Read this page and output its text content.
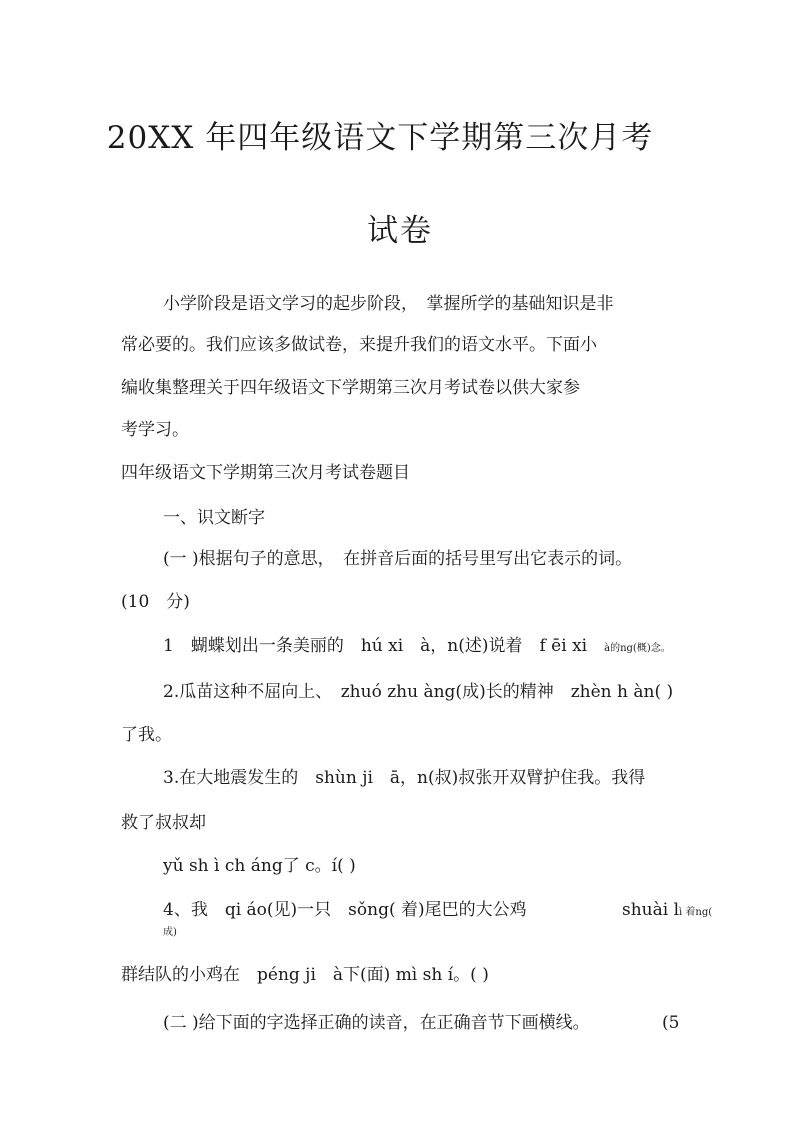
20XX 年四年级语文下学期第三次月考
试卷
小学阶段是语文学习的起步阶段，　掌握所学的基础知识是非
常必要的。我们应该多做试卷，来提升我们的语文水平。下面小
编收集整理关于四年级语文下学期第三次月考试卷以供大家参
考学习。
四年级语文下学期第三次月考试卷题目
一、识文断字
(一 )根据句子的意思，　在拼音后面的括号里写出它表示的词。
(10　分)
1　蝴蝶划出一条美丽的　hú xi　à，n(述)说着　f ēi xi　à的ng(概)念。
2.瓜苗这种不屈向上、　zhuó zhu àng(成)长的精神　zhèn h àn( )
了我。
3.在大地震发生的　shùn ji　ā，n(叔)叔张开双臂护住我。我得
救了叔叔却
yǔ sh ì ch áng了 c。í( )
4、我　qi áo(见)一只　sǒng( 着)尾巴的大公鸡	shuài lì 着ng(
成)
群结队的小鸡在　péng ji　à下(面) mì sh í。( )
(二 )给下面的字选择正确的读音，在正确音节下画横线。	(5
